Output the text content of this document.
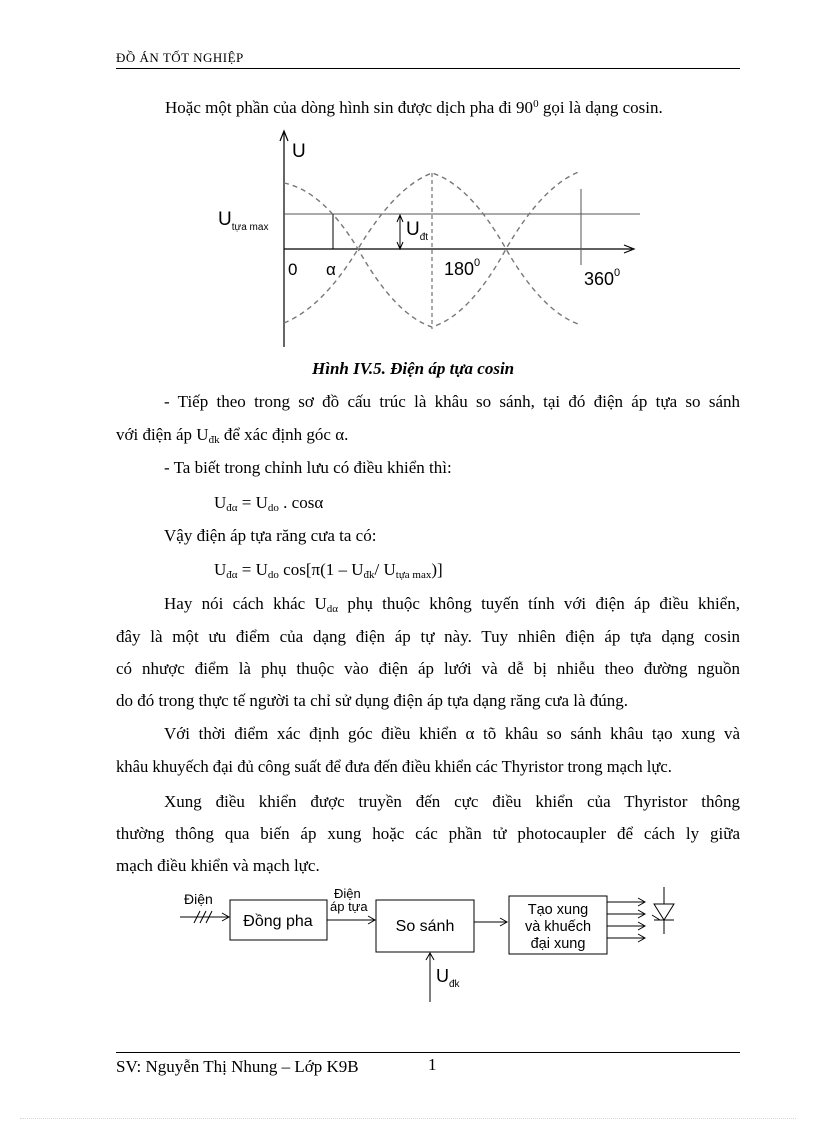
ĐỒ ÁN TỐT NGHIỆP
Hoặc một phần của dòng hình sin được dịch pha đi $90^0$ gọi là dạng cosin.
U
$U_{tựa max}$	$U_{đt}$
0 α	$180^0$
$360^0$
Hình IV.5. Điện áp tựa cosin
- Tiếp theo trong sơ đồ cấu trúc là khâu so sánh, tại đó điện áp tựa so sánh
với điện áp $U_{đk}$ để xác định góc α.
- Ta biết trong chỉnh lưu có điều khiển thì:
$U_{đ\alpha} = U_{do}$ . cosα
Vậy điện áp tựa răng cưa ta có:
$U_{đ\alpha} = U_{do}$ $\cos[\pi(1 - U_{đk}/$ $U_{tựa max}$)]
Hay nói cách khác $U_{d\alpha}$ phụ thuộc không tuyến tính với điện áp điều khiển,
đây là một ưu điểm của dạng điện áp tự này. Tuy nhiên điện áp tựa dạng cosin
có nhược điểm là phụ thuộc vào điện áp lưới và dễ bị nhiễu theo đường nguồn
do đó trong thực tế người ta chỉ sử dụng điện áp tựa dạng răng cưa là đúng.
Với thời điểm xác định góc điều khiển α tõ khâu so sánh khâu tạo xung và
khâu khuyếch đại đủ công suất để đưa đến điều khiển các Thyristor trong mạch lực.
Xung điều khiển được truyền đến cực điều khiển của Thyristor thông
thường thông qua biến áp xung hoặc các phần tử photocaupler để cách ly giữa
mạch điều khiển và mạch lực.
Điện
Đồng pha
Điện
áp tựa
So sánh
$U_{đk}$
Tạo xung
và khuếch
đại xung
SV: Nguyễn Thị Nhung – Lớp K9B	1
